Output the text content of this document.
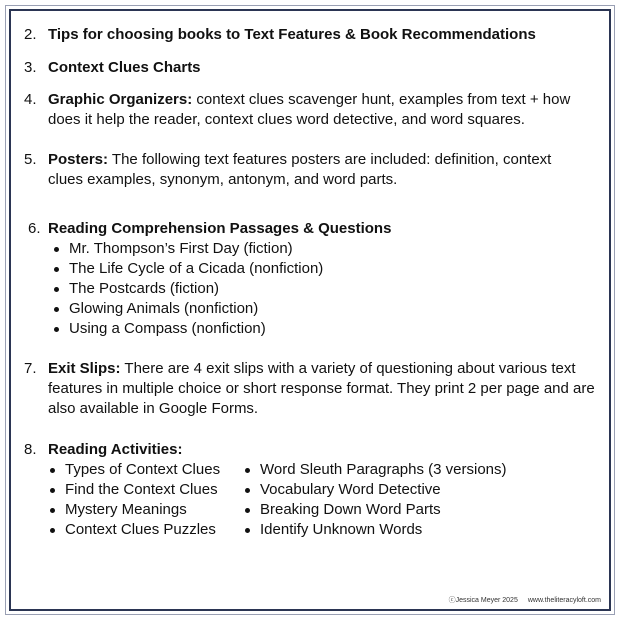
2. Tips for choosing books to Text Features & Book Recommendations
3. Context Clues Charts
4. Graphic Organizers: context clues scavenger hunt, examples from text + how does it help the reader, context clues word detective, and word squares.
5. Posters: The following text features posters are included: definition, context clues examples, synonym, antonym, and word parts.
6. Reading Comprehension Passages & Questions
Mr. Thompson’s First Day (fiction)
The Life Cycle of a Cicada (nonfiction)
The Postcards (fiction)
Glowing Animals (nonfiction)
Using a Compass (nonfiction)
7. Exit Slips: There are 4 exit slips with a variety of questioning about various text features in multiple choice or short response format. They print 2 per page and are also available in Google Forms.
8. Reading Activities:
Types of Context Clues
Find the Context Clues
Mystery Meanings
Context Clues Puzzles
Word Sleuth Paragraphs (3 versions)
Vocabulary Word Detective
Breaking Down Word Parts
Identify Unknown Words
ⓒJessica Meyer 2025 www.theliteracyloft.com
